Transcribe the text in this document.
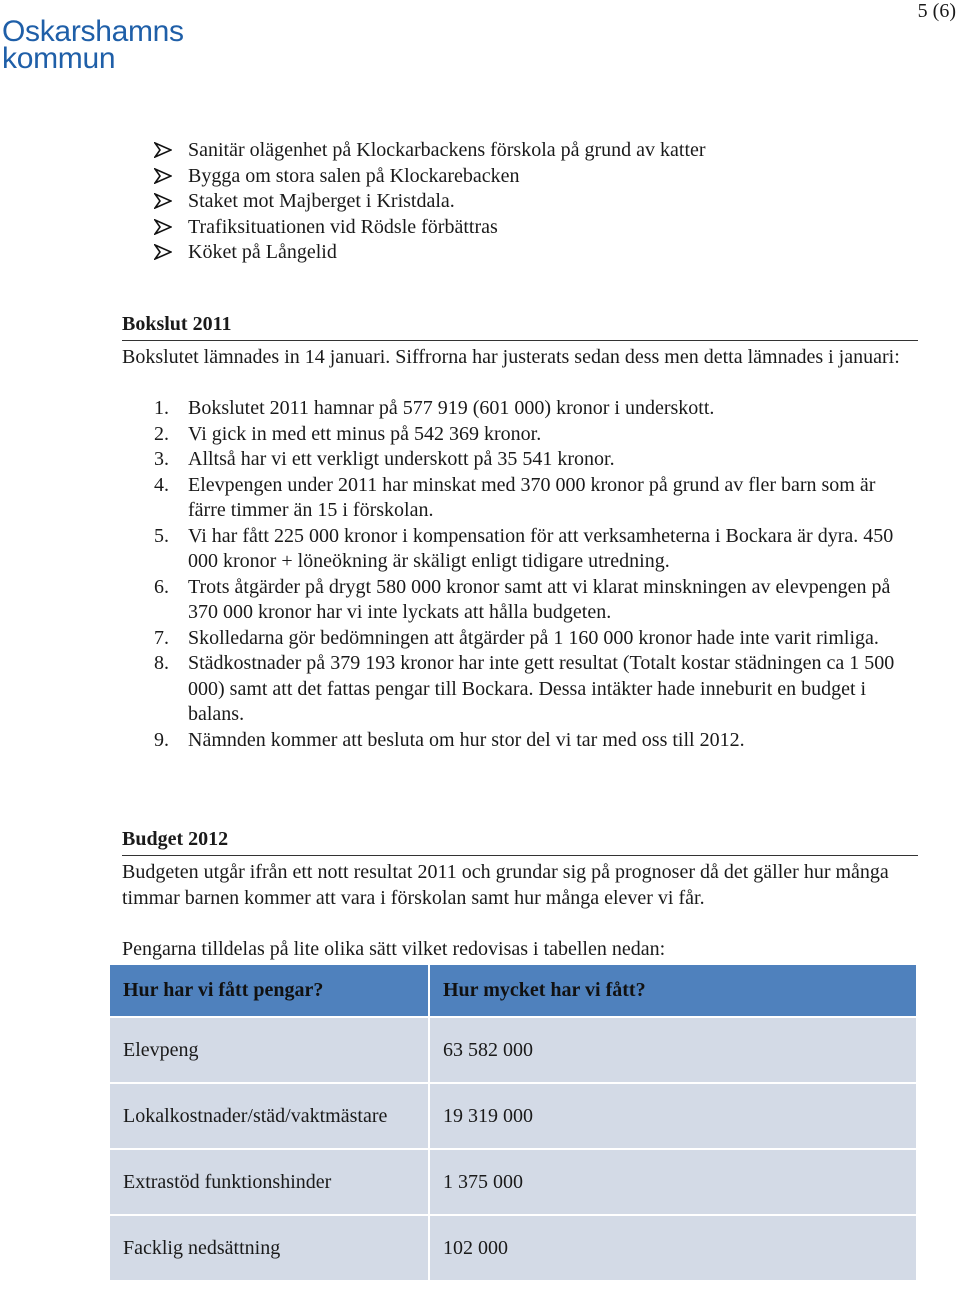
Oskarshamns
kommun
5 (6)
Sanitär olägenhet på Klockarbackens förskola på grund av katter
Bygga om stora salen på Klockarebacken
Staket mot Majberget i Kristdala.
Trafiksituationen vid Rödsle förbättras
Köket på Långelid
Bokslut 2011
Bokslutet lämnades in 14 januari. Siffrorna har justerats sedan dess men detta lämnades i januari:
1. Bokslutet 2011 hamnar på 577 919 (601 000) kronor i underskott.
2. Vi gick in med ett minus på 542 369 kronor.
3. Alltså har vi ett verkligt underskott på 35 541 kronor.
4. Elevpengen under 2011 har minskat med 370 000 kronor på grund av fler barn som är färre timmer än 15 i förskolan.
5. Vi har fått 225 000 kronor i kompensation för att verksamheterna i Bockara är dyra. 450 000 kronor + löneökning är skäligt enligt tidigare utredning.
6. Trots åtgärder på drygt 580 000 kronor samt att vi klarat minskningen av elevpengen på 370 000 kronor har vi inte lyckats att hålla budgeten.
7. Skolledarna gör bedömningen att åtgärder på 1 160 000 kronor hade inte varit rimliga.
8. Städkostnader på 379 193 kronor har inte gett resultat (Totalt kostar städningen ca 1 500 000) samt att det fattas pengar till Bockara. Dessa intäkter hade inneburit en budget i balans.
9. Nämnden kommer att besluta om hur stor del vi tar med oss till 2012.
Budget 2012
Budgeten utgår ifrån ett nott resultat 2011 och grundar sig på prognoser då det gäller hur många timmar barnen kommer att vara i förskolan samt hur många elever vi får.
Pengarna tilldelas på lite olika sätt vilket redovisas i tabellen nedan:
Hur har vi fått pengar?	Hur mycket har vi fått?
Elevpeng	63 582 000
Lokalkostnader/städ/vaktmästare	19 319 000
Extrastöd funktionshinder	1 375 000
Facklig nedsättning	102 000
